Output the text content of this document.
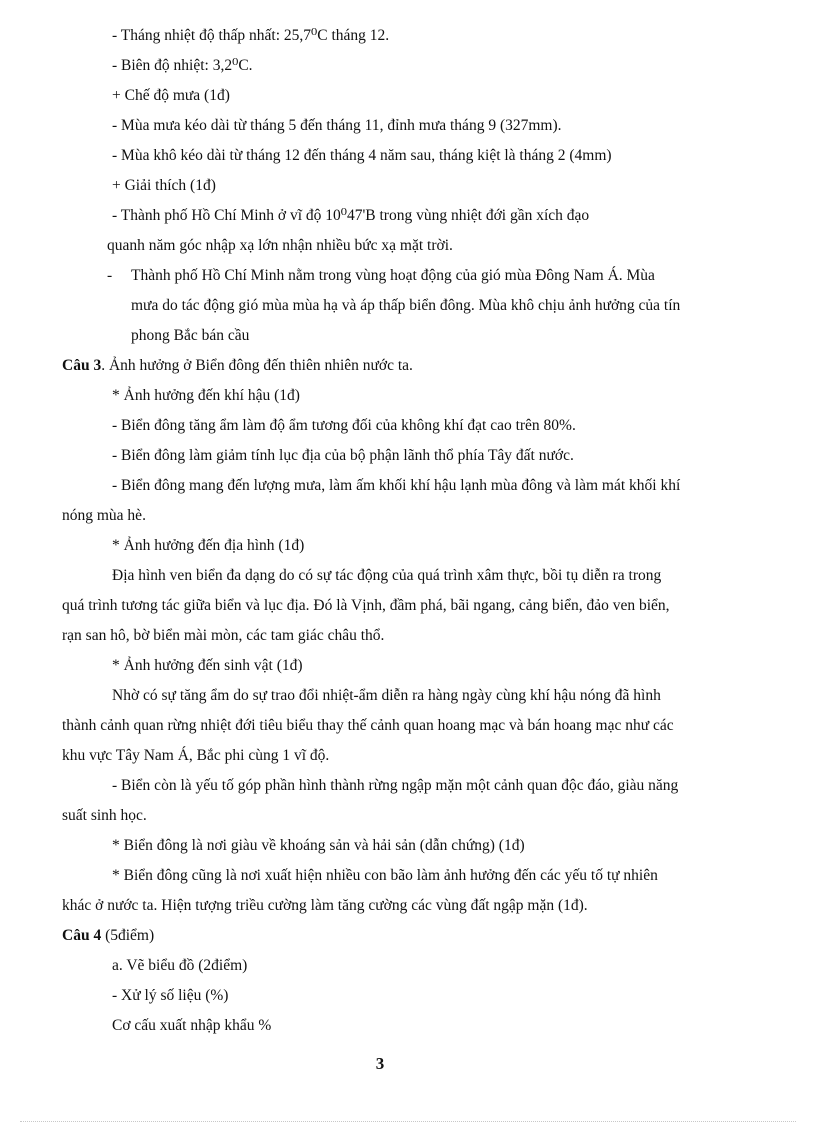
- Tháng nhiệt độ thấp nhất: 25,7⁰C tháng 12.
- Biên độ nhiệt: 3,2⁰C.
+ Chế độ mưa (1đ)
- Mùa mưa kéo dài từ tháng 5 đến tháng 11, đỉnh mưa tháng 9 (327mm).
- Mùa khô kéo dài từ tháng 12 đến tháng 4 năm sau, tháng kiệt là tháng 2 (4mm)
+ Giải thích (1đ)
- Thành phố Hồ Chí Minh ở vĩ độ 10⁰47'B trong vùng nhiệt đới gần xích đạo
quanh năm góc nhập xạ lớn nhận nhiều bức xạ mặt trời.
- Thành phố Hồ Chí Minh nằm trong vùng hoạt động của gió mùa Đông Nam Á. Mùa
mưa do tác động gió mùa mùa hạ và áp thấp biển đông. Mùa khô chịu ảnh hưởng của tín
phong Bắc bán cầu
Câu 3. Ảnh hưởng ở Biển đông đến thiên nhiên nước ta.
* Ảnh hưởng đến khí hậu (1đ)
- Biển đông tăng ẩm làm độ ẩm tương đối của không khí đạt cao trên 80%.
- Biển đông làm giảm tính lục địa của bộ phận lãnh thổ phía Tây đất nước.
- Biển đông mang đến lượng mưa, làm ấm khối khí hậu lạnh mùa đông và làm mát khối khí
nóng mùa hè.
* Ảnh hưởng đến địa hình (1đ)
Địa hình ven biển đa dạng do có sự tác động của quá trình xâm thực, bồi tụ diễn ra trong
quá trình tương tác giữa biển và lục địa. Đó là Vịnh, đầm phá, bãi ngang, cảng biển, đảo ven biển,
rạn san hô, bờ biển mài mòn, các tam giác châu thổ.
* Ảnh hưởng đến sinh vật (1đ)
Nhờ có sự tăng ẩm do sự trao đổi nhiệt-ẩm diễn ra hàng ngày cùng khí hậu nóng đã hình
thành cảnh quan rừng nhiệt đới tiêu biểu thay thế cảnh quan hoang mạc và bán hoang mạc như các
khu vực Tây Nam Á, Bắc phi cùng 1 vĩ độ.
- Biển còn là yếu tố góp phần hình thành rừng ngập mặn một cảnh quan độc đáo, giàu năng
suất sinh học.
* Biển đông là nơi giàu về khoáng sản và hải sản (dẫn chứng) (1đ)
* Biển đông cũng là nơi xuất hiện nhiều con bão làm ảnh hưởng đến các yếu tố tự nhiên
khác ở nước ta. Hiện tượng triều cường làm tăng cường các vùng đất ngập mặn (1đ).
Câu 4 (5điểm)
a. Vẽ biểu đồ (2điểm)
- Xử lý số liệu (%)
Cơ cấu xuất nhập khẩu %
3
